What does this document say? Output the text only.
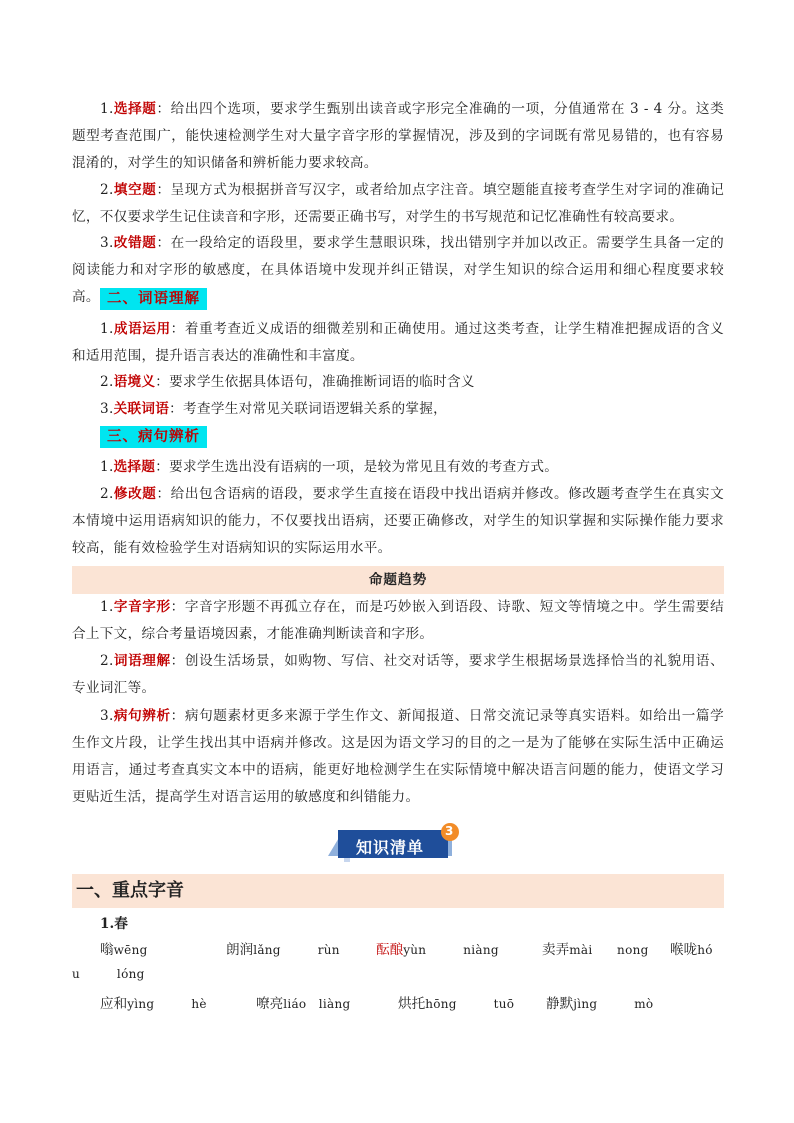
1.选择题：给出四个选项，要求学生甄别出读音或字形完全准确的一项，分值通常在 3 - 4 分。这类题型考查范围广，能快速检测学生对大量字音字形的掌握情况，涉及到的字词既有常见易错的，也有容易混淆的，对学生的知识储备和辨析能力要求较高。
2.填空题：呈现方式为根据拼音写汉字，或者给加点字注音。填空题能直接考查学生对字词的准确记忆，不仅要求学生记住读音和字形，还需要正确书写，对学生的书写规范和记忆准确性有较高要求。
3.改错题：在一段给定的语段里，要求学生慧眼识珠，找出错别字并加以改正。需要学生具备一定的阅读能力和对字形的敏感度，在具体语境中发现并纠正错误，对学生知识的综合运用和细心程度要求较高。 二、词语理解
1.成语运用：着重考查近义成语的细微差别和正确使用。通过这类考查，让学生精准把握成语的含义和适用范围，提升语言表达的准确性和丰富度。
2.语境义：要求学生依据具体语句，准确推断词语的临时含义
3.关联词语：考查学生对常见关联词语逻辑关系的掌握，
三、病句辨析
1.选择题：要求学生选出没有语病的一项，是较为常见且有效的考查方式。
2.修改题：给出包含语病的语段，要求学生直接在语段中找出语病并修改。修改题考查学生在真实文本情境中运用语病知识的能力，不仅要找出语病，还要正确修改，对学生的知识掌握和实际操作能力要求较高，能有效检验学生对语病知识的实际运用水平。
命题趋势
1.字音字形：字音字形题不再孤立存在，而是巧妙嵌入到语段、诗歌、短文等情境之中。学生需要结合上下文，综合考量语境因素，才能准确判断读音和字形。
2.词语理解：创设生活场景，如购物、写信、社交对话等，要求学生根据场景选择恰当的礼貌用语、专业词汇等。
3.病句辨析：病句题素材更多来源于学生作文、新闻报道、日常交流记录等真实语料。如给出一篇学生作文片段，让学生找出其中语病并修改。这是因为语文学习的目的之一是为了能够在实际生活中正确运用语言，通过考查真实文本中的语病，能更好地检测学生在实际情境中解决语言问题的能力，使语文学习更贴近生活，提高学生对语言运用的敏感度和纠错能力。
知识清单
3
一、重点字音
1.春
嗡wēng	朗润lǎng　　　rùn	酝酿yùn　　　niàng	卖弄mài　　nong 喉咙hó
u　　　lóng
应和yìng　　　hè	嘹亮liáo　liàng	烘托hōng　　　tuō 静默jìng　　　mò
